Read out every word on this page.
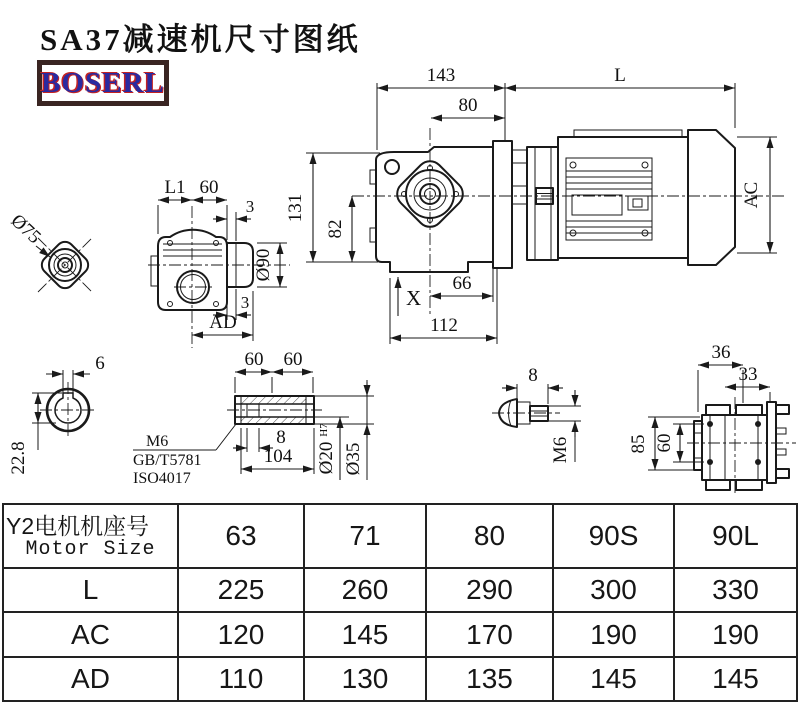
SA37减速机尺寸图纸
BOSERL	143	L
80
131
82
AC
X
66
112
Ø75
L1 60
3
Ø90
3
AD
6
22.8
60 60
8
104 Ø20
H7
Ø35
M6
GB/T5781
ISO4017
8
M6
36
33
85 60
Y2电机机座号
Motor Size	63	71	80	90S	90L
L	225	260	290	300	330
AC	120	145	170	190	190
AD	110	130	135	145	145
